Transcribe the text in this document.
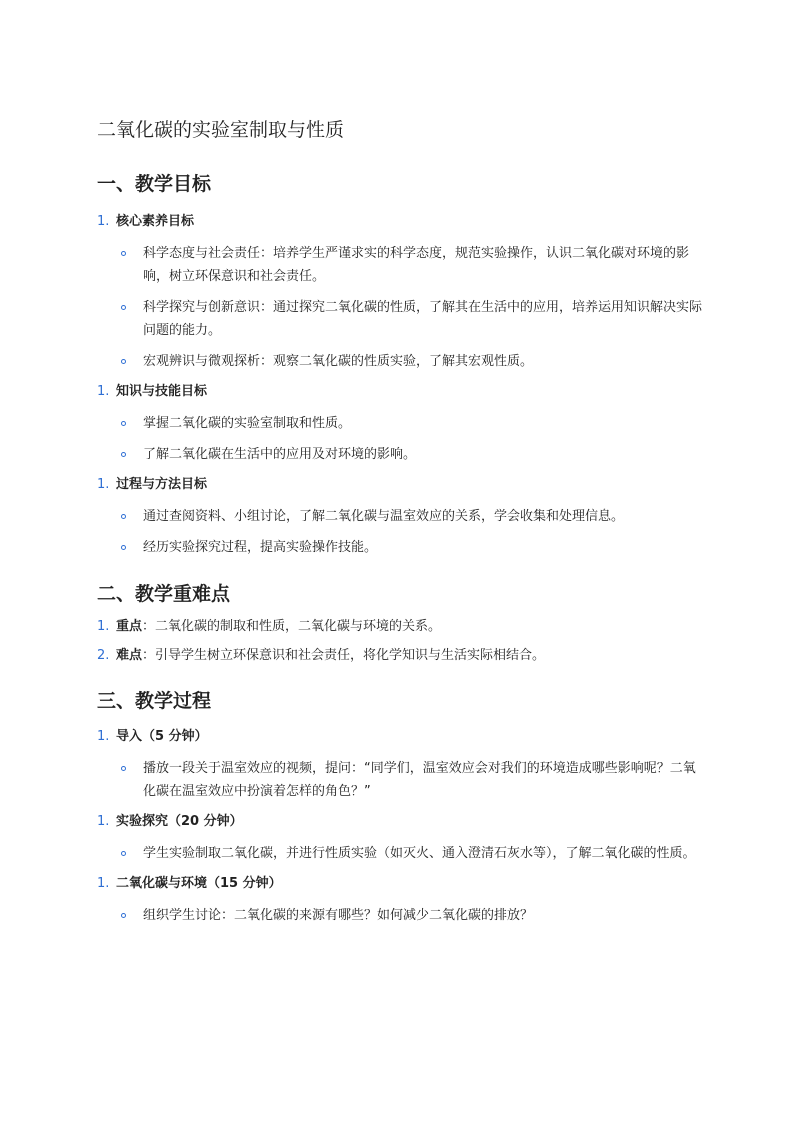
二氧化碳的实验室制取与性质
一、教学目标
1. 核心素养目标
科学态度与社会责任：培养学生严谨求实的科学态度，规范实验操作，认识二氧化碳对环境的影响，树立环保意识和社会责任。
科学探究与创新意识：通过探究二氧化碳的性质，了解其在生活中的应用，培养运用知识解决实际问题的能力。
宏观辨识与微观探析：观察二氧化碳的性质实验，了解其宏观性质。
1. 知识与技能目标
掌握二氧化碳的实验室制取和性质。
了解二氧化碳在生活中的应用及对环境的影响。
1. 过程与方法目标
通过查阅资料、小组讨论，了解二氧化碳与温室效应的关系，学会收集和处理信息。
经历实验探究过程，提高实验操作技能。
二、教学重难点
1. 重点：二氧化碳的制取和性质，二氧化碳与环境的关系。
2. 难点：引导学生树立环保意识和社会责任，将化学知识与生活实际相结合。
三、教学过程
1. 导入（5 分钟）
播放一段关于温室效应的视频，提问：“同学们，温室效应会对我们的环境造成哪些影响呢？二氧化碳在温室效应中扮演着怎样的角色？”
1. 实验探究（20 分钟）
学生实验制取二氧化碳，并进行性质实验（如灭火、通入澄清石灰水等），了解二氧化碳的性质。
1. 二氧化碳与环境（15 分钟）
组织学生讨论：二氧化碳的来源有哪些？如何减少二氧化碳的排放？
